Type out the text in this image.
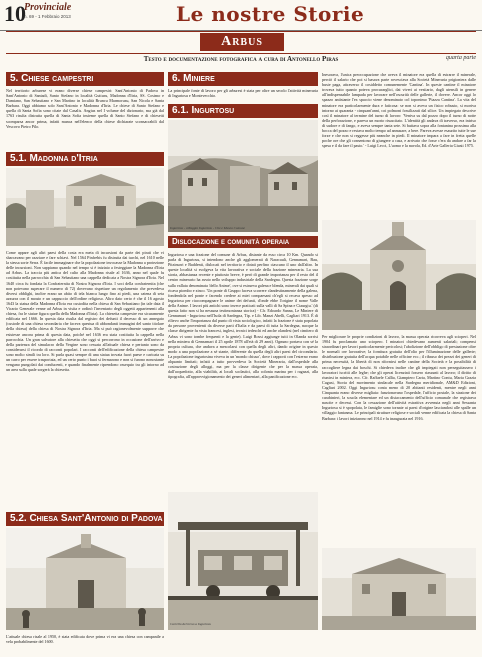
10
Provinciale
n. 69 - 1 Febbraio 2013	Le nostre Storie
Arbus
Testo e documentazione fotografica a cura di Antonello Piras	quarta parte
5. Chiese campestri
Nel territorio arburese vi erano diverse chiese campestri: Sant'Antonio di Padova in Sant'Antonio di Santadi, Santo Stefano in località Gutturu, Madonna d'Itria, SS. Cosimo e Damiano, San Sebastiano e San Martino in località Bruncu Marmorusu, San Nicola e Santa Barbara. Oggi abbiamo solo Sant'Antonio e Madonna d'Itria. Le chiese di Santo Stefano e quella di Santa Sofia sono citate dal Casalis. Angius nel I volume del dizionario, ma già dal 1763 risulta distrutta quella di Santa Sofia insieme quella di Santo Stefano e di chiesetti scomparsa ancor prima, infatti manca nell'elenco della chiese dichiarate sconsacrabili dal Vescovo Pietro Pilo.
5.1. Madonna d'Itria
Come appare agli altri paesi della costa era meta di incursioni da parte dei pirati che vi sbarcavano per razziare e fare schiavi. Nel 1564 Pinfrebis fu distrutta dai turchi, nel 1610 nelle la stessa sorte Serra. È facile immaginare che la popolazione invocasse la Madonna a protezione delle incursioni. Non sappiamo quando nel tempo si è iniziato a festeggiare la Madonna d'Itria ad Arbus. La traccia più antica del culto alla Madonna risale al 1636, anno nel quale fu costituita nella parrocchia di San Sebastiano una cappella dedicata a Nostra Signora d'Itria. Nel 1640 circa fu fondata la Confraternita di Nostra Signora d'Itria. I soci della confraternita (che non potevano superare il numero di 72) dovevano rispettare un regolamento che prevedeva diversi obblighi, inoltre erano un abito di tela bianca lungo fino ai piedi, una catena di seta azzurra con il mouto e un cappuccio dell'ordine religioso. Altro dato certo è che il 16 agosto 1643 la statua della Madonna d'Itria era custodita nella chiesa di San Sebastiano (in tale data il Vicario Generale venne ad Arbus in visita e ordinò l'inventario degli oggetti appartenenti alla chiesa, fra le statue figura quella della Madonna d'Itria). La chiesetta campestre era sicuramente edificata nel 1666. In questa data risulta dal registro dei defunti il decesso di un annegato (custode di una chiesa secondaria che faceva questua di abbondanti immagini del santo titolare della chiesa) della chiesa di Nostra Signora d'Itria. Ma si può ragionevolmente supporre che esistesse ancora prima di questa data, poiché nel 1636 era stata costituita la cappella nella parrocchia. Un gran salvatore alla chiesetta che oggi si percorrono in occasione dell'arrivo e della partenza del simulacro della Vergine sono cessata all'attuale chiesa e pertanto sono da considerarsi il ricordo di racconti popolari. I racconti dell'edificazione della chiesa campestre sono molto simili tra loro. Si parla quasi sempre di una statua trovata fuori paese e caricata su un carro per essere trasportata, ed un certo punto i buoi si fermarono e non si furono nonostante vengano pungolati dai conducenti, e quando finalmente riprendono ossequio tra gli intorno ad un area sulla quale sorgerà la chiesetta.
5.2. Chiesa Sant'Antonio di Padova
L'attuale chiesa risale al 1950, è stata edificata dove prima vi era una chiesa con campanile a vela probabilmente del 1600.
6. Miniere
La principale fonte di lavoro per gli arburesi è stata per oltre un secolo l'attività mineraria di Ingurtosu e Montevecchio.
6.1. Ingurtosu
Ingurtosu - villaggio Ingurtosu - Cite e Museo Comune
Dislocazione e comunità operaia
Ingurtosu e una frazione del comune di Arbus, distante da esso circa 10 Km. Quando si parla di Ingurtosu, si intendono anche gli agglomerati di Naracauli, Gennamari, Bau, Pitzinurri e Baddenti, dislocati nel territorio e dotati perfino ciascuno il uno dall'altro. In queste località si svolgeva la vita lavorativa e sociale della frazione mineraria. La sua storia, abbastanza recente e piuttosto breve, è però di grande importanza per il resto del il centro minerario ha avuto nello sviluppo industriale della Sardegna. Questa frazione sorge sulla vallata denominata 'dello Anime', ove si estrueva galena e blenda, minerali dai quali si ricava piombo e zinco. 'Un ponte di Gruppo faceva scorrere clandestinamente della galena, fondendola nel ponte e facendo credere ai miei compaesani ch'egli si recava spesso ad Ingurtosu per riaccompagnare le anime dei defunti, d'onde ebbe l'origine il nome Valle della Anime. I lavori più antichi sono invece praticati sulla valli di Sa Spina e Ciaurgiu.' (di questa fatto non si ha nessuna testimonianza storica) - Cfr. Edoardo Sanna, Le Miniere di Gennamari - Ingurtosu nell'Isola di Sardegna, Tip. e Lib. Manzi Abelli, Cagliari 1913. È di rilievo anche l'importanza dal punto di vista sociologico, infatti la frazione è stata popolata da persone provenienti da diverse parti d'Italia e da paesi di tutta la Sardegna, nacque la classe dirigente fu vista francesi, inglesi, tecnici tedeschi ed anche olandesi (nel cimitero di Arbus vi sono tombe frequenti e la gente). Luigi Rossi aggiunge tutti in Olanda sorrisi nella miniera di Gennamari il 25 aprile 1878 all'età di 29 anni). Ognuno portava con sé la propria cultura, che andava a mescolarsi con quella degli altri, dando origine in questo modo a una popolazione a sé stante, differente da quella degli altri paesi del circondario. La popolazione ingurtosina viveva in un 'mondo chiuso', dove i rapporti con l'esterno erano alquanto limitati; infatti a tutto provvedeva la Società Mineraria, dall'ospedale alla costruzione degli alloggi, ma per la classe dirigente che per la massa operaia, dall'acquedotto, alla viabilità, ai locali scolastici, alla colonia marina per i ragazzi, alla tipografia, all'approvvigionamento dei generi alimentari, alla panificazione ecc.
Carrello del treno a Ingurtosu
Inesorava, l'unica preoccupazione che aveva il minatore era quella di estrarre il minerale, perciò il salario che poi si basava parte rovesciava alla Società Mineraria prigioniera dalle buste paga, attraverso il cosiddetto comunemente 'Cantina'. In queste cantine il minatore trovava tutto quanto poteva procurarglici, dai viveri ai vestiario, dagli utensili in genere all'indispensabile lampada per lavorare nell'oscurità delle gallerie, il dovere. Ancor oggi lo spazzo antistante l'ex spaccio viene denominato col toponimo 'Piazza Cantina'. La vita del minatore era particolarmente dura e faticosa: se non si aveva un fisico robusto, si moriva intorno ai quaranta - cinquant'anni, coi polmoni fossilizzati dal silice. Un impiegato descrive così il minatore al termine del turno di lavoro: 'Veniva su dal pozzo dopo il turno di notte della perforazione, e pareva un morto risuscitato. L'identità gli andava di traverso, era intriso di sudore e di fango, e aveva sempre tanta sete. Si buttava sopra alla fontanina prossima alla bocca del pozzo e restava molto tempo ad annusare, a bere. Pareva avesse esaurito tutte le sue forze e che non si reggesse più neanche in piedi. Il minatore impara a fare in fretta quelle poche ore che gli consentono di giungere a casa, e arrivato che fosse c'era da andare a far la spesa e il da fare il pasto.' - Luigi Lecci, L'uomo e la navola, Ed. d'Arte Galleria Giusti 1975.
Per migliorare le proprie condizioni di lavoro, la massa operaia ricorreva agli scioperi. Nel 1904 fu proclamato uno sciopero. I minatori chiedevano aumenti salariali; compensi straordinari per lavori particolarmente pericolosi; l'abolizione dell'obbligo di prestazione oltre le normali ore lavorative; la fornitura gratuita dell'olio per l'illuminazione delle gallerie; distribuzione gratuita dell'acqua potabile nelle officine ecc.; il ribasso dei prezzi dei generi di prima necessità, la libertà di non rifornirsi nelle cantine della Società e la possibilità di raccogliere legna dai boschi. Si chiedeva inoltre che gli impiegati non perseguitassero i lavoratori iscritti alle leghe; che gli operai licenziati fossero riassunti al lavoro; il diritto di riunirsi in miniera, ecc. Cfr. Raffaele Callia, Giampiero Carta, Martino Contu, Maria Grazia Cugusi, Storia del movimento sindacale nella Sardegna meridionale, AM&D Edizioni, Cagliari 2002. Oggi Ingurtosu conta meno di 20 abitanti residenti, mentre negli anni Cinquanta erano diverse migliaia: funzionavano l'ospedale, l'ufficio postale, la stazione dei carabinieri, la scuola elementare ed un distaccamento dell'ufficio comunale che registrava nascite e decessi. Con la cessazione dell'attività estrattiva avvenuta negli anni Sessanta Ingurtosu si è spopolata, le famiglie sono tornate ai paesi d'origine lasciandosi alle spalle un villaggio fantasma. Le principali strutture religiose e sociali venne edificata la chiesa di Santa Barbara: i lavori iniziarono nel 1914 e fu inaugurata nel 1916.
